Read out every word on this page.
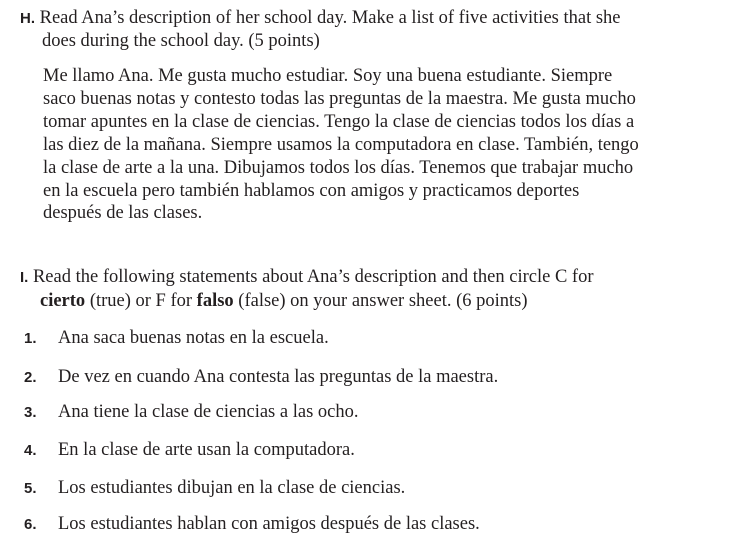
H. Read Ana’s description of her school day. Make a list of five activities that she
does during the school day. (5 points)
Me llamo Ana. Me gusta mucho estudiar. Soy una buena estudiante. Siempre
saco buenas notas y contesto todas las preguntas de la maestra. Me gusta mucho
tomar apuntes en la clase de ciencias. Tengo la clase de ciencias todos los días a
las diez de la mañana. Siempre usamos la computadora en clase. También, tengo
la clase de arte a la una. Dibujamos todos los días. Tenemos que trabajar mucho
en la escuela pero también hablamos con amigos y practicamos deportes
después de las clases.
I. Read the following statements about Ana’s description and then circle C for
cierto (true) or F for falso (false) on your answer sheet. (6 points)
1. Ana saca buenas notas en la escuela.
2. De vez en cuando Ana contesta las preguntas de la maestra.
3. Ana tiene la clase de ciencias a las ocho.
4. En la clase de arte usan la computadora.
5. Los estudiantes dibujan en la clase de ciencias.
6. Los estudiantes hablan con amigos después de las clases.
